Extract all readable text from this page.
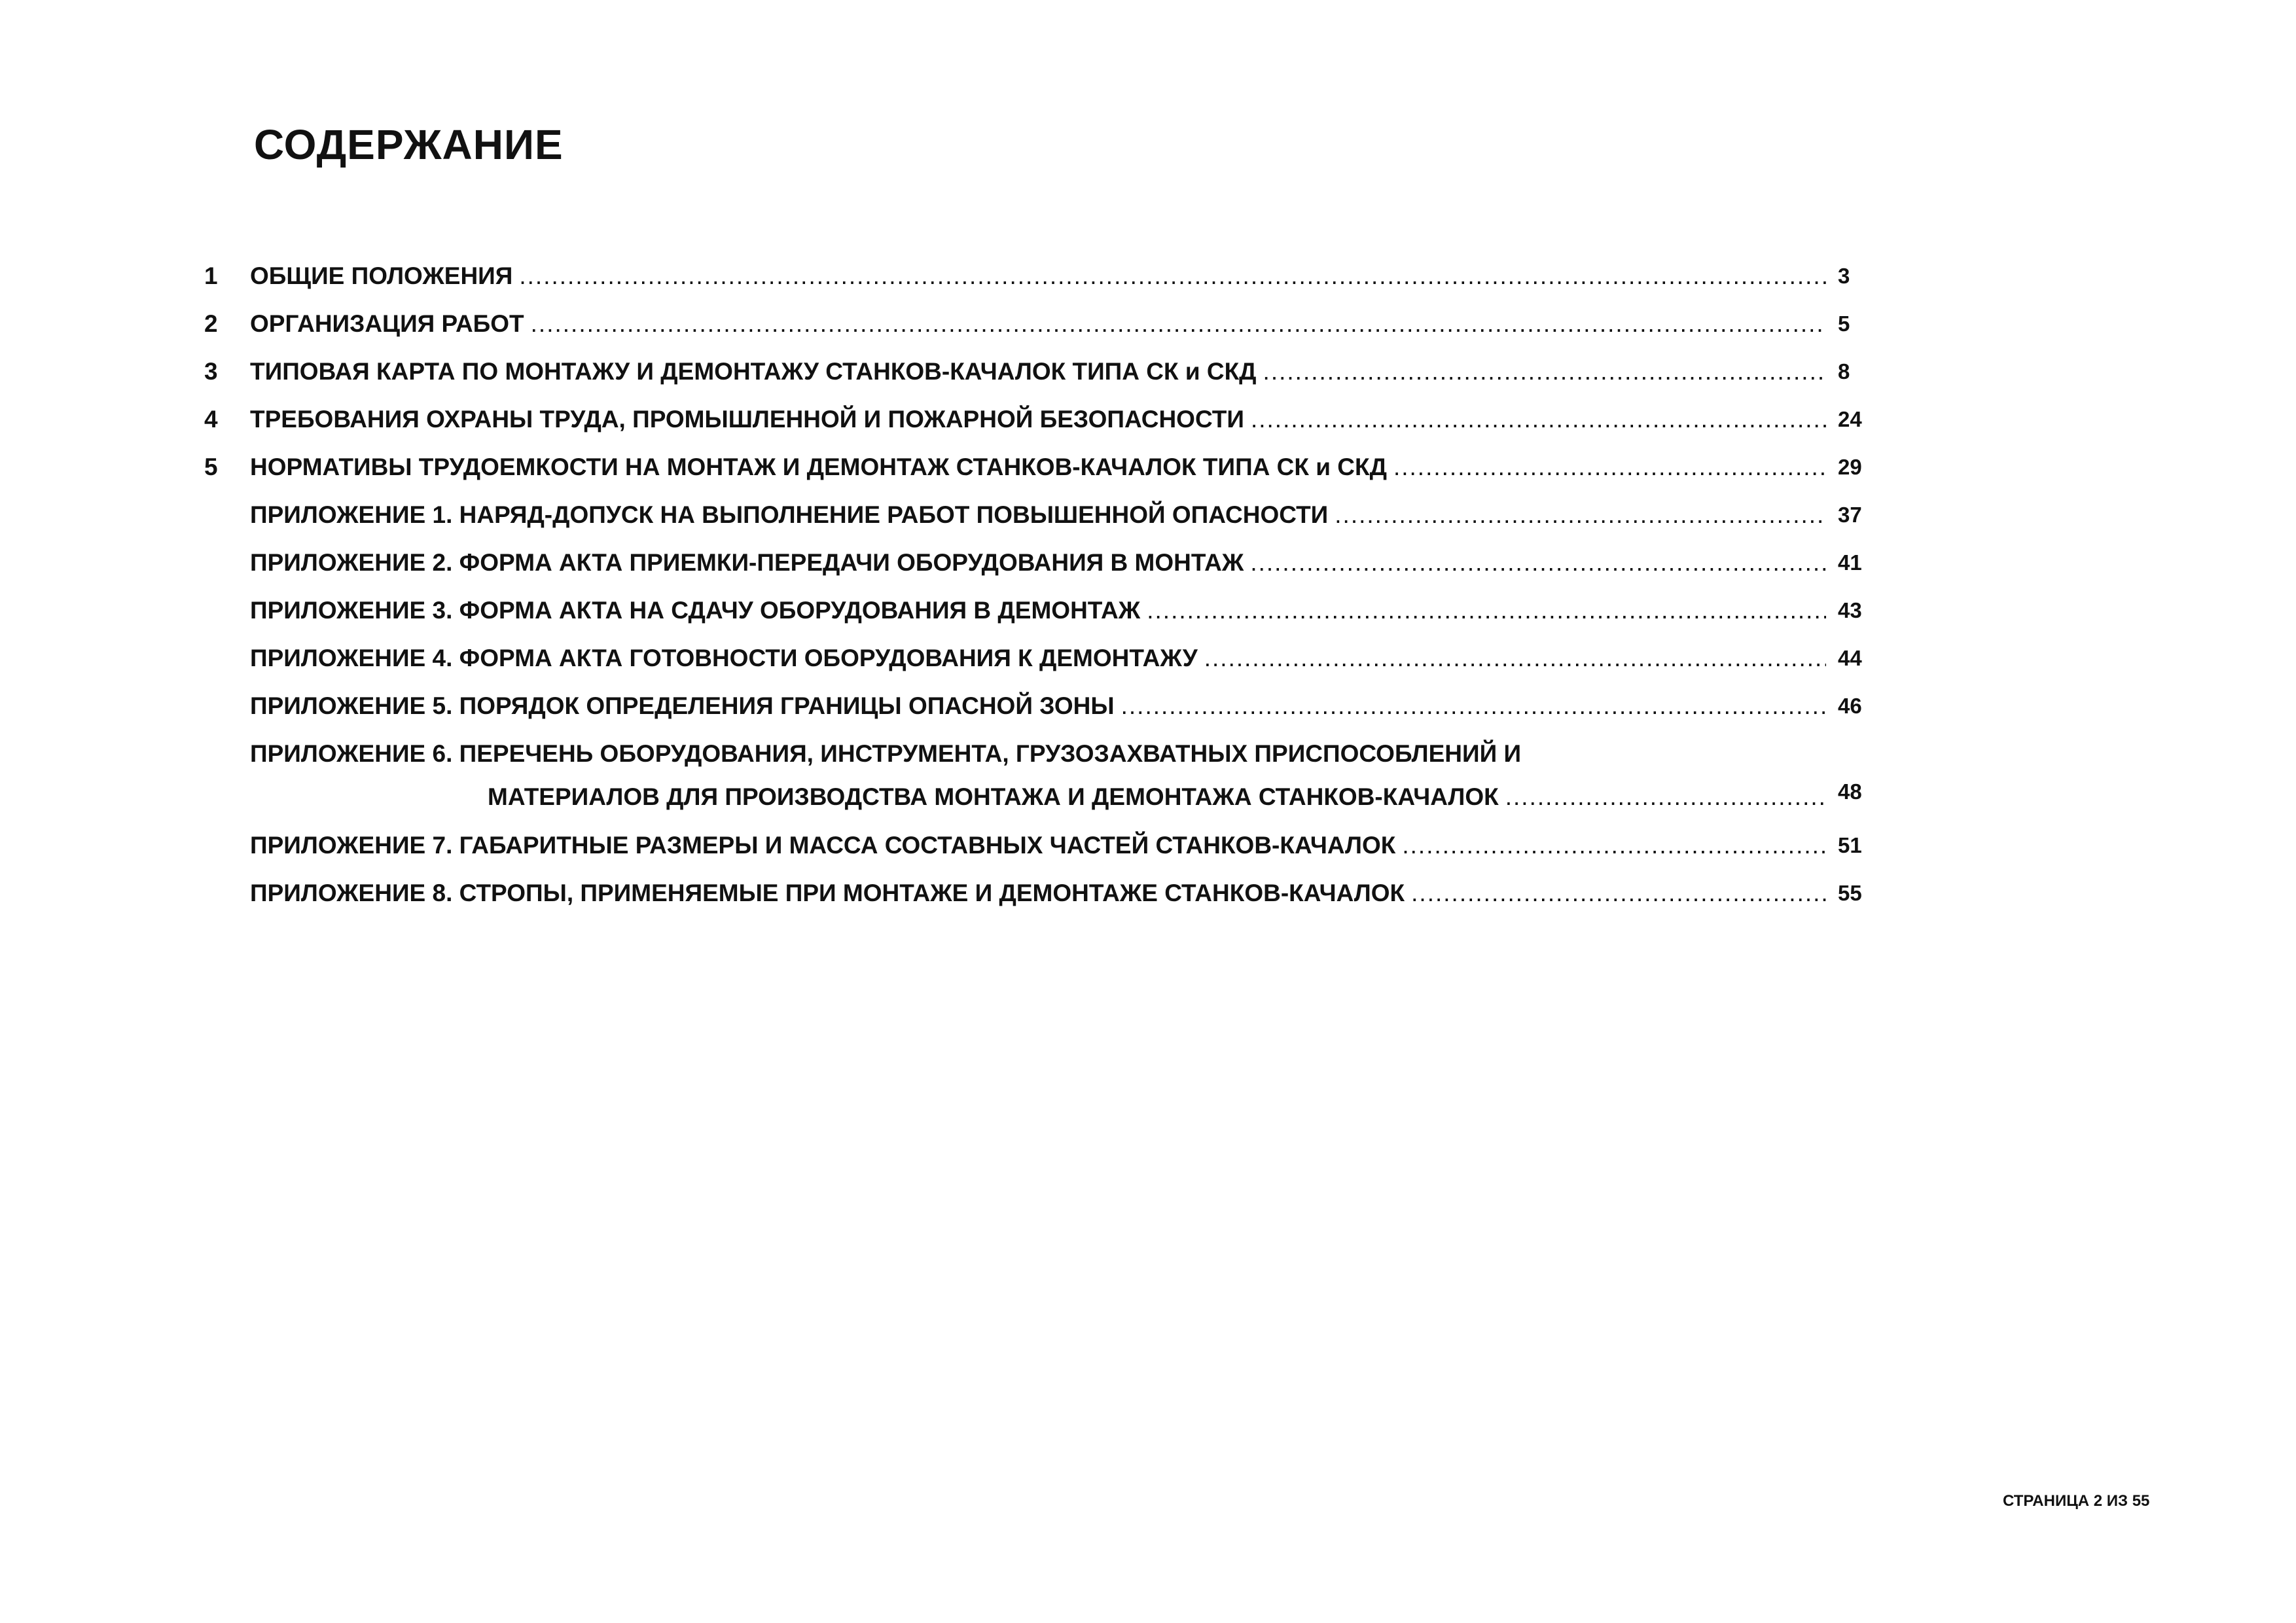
СОДЕРЖАНИЕ
1	ОБЩИЕ ПОЛОЖЕНИЯ .....	3
2	ОРГАНИЗАЦИЯ РАБОТ .....	5
3	ТИПОВАЯ КАРТА ПО МОНТАЖУ И ДЕМОНТАЖУ СТАНКОВ-КАЧАЛОК ТИПА СК и СКД .....	8
4	ТРЕБОВАНИЯ ОХРАНЫ ТРУДА, ПРОМЫШЛЕННОЙ И ПОЖАРНОЙ БЕЗОПАСНОСТИ .....	24
5	НОРМАТИВЫ ТРУДОЕМКОСТИ НА МОНТАЖ И ДЕМОНТАЖ СТАНКОВ-КАЧАЛОК ТИПА СК и СКД .....	29
ПРИЛОЖЕНИЕ 1. НАРЯД-ДОПУСК НА ВЫПОЛНЕНИЕ РАБОТ ПОВЫШЕННОЙ ОПАСНОСТИ .....	37
ПРИЛОЖЕНИЕ 2. ФОРМА АКТА ПРИЕМКИ-ПЕРЕДАЧИ ОБОРУДОВАНИЯ В МОНТАЖ .....	41
ПРИЛОЖЕНИЕ 3. ФОРМА АКТА НА СДАЧУ ОБОРУДОВАНИЯ В ДЕМОНТАЖ .....	43
ПРИЛОЖЕНИЕ 4. ФОРМА АКТА ГОТОВНОСТИ ОБОРУДОВАНИЯ К ДЕМОНТАЖУ .....	44
ПРИЛОЖЕНИЕ 5. ПОРЯДОК ОПРЕДЕЛЕНИЯ ГРАНИЦЫ ОПАСНОЙ ЗОНЫ .....	46
ПРИЛОЖЕНИЕ 6. ПЕРЕЧЕНЬ ОБОРУДОВАНИЯ, ИНСТРУМЕНТА, ГРУЗОЗАХВАТНЫХ ПРИСПОСОБЛЕНИЙ И
МАТЕРИАЛОВ ДЛЯ ПРОИЗВОДСТВА МОНТАЖА И ДЕМОНТАЖА СТАНКОВ-КАЧАЛОК .....	48
ПРИЛОЖЕНИЕ 7. ГАБАРИТНЫЕ РАЗМЕРЫ И МАССА СОСТАВНЫХ ЧАСТЕЙ СТАНКОВ-КАЧАЛОК .....	51
ПРИЛОЖЕНИЕ 8. СТРОПЫ, ПРИМЕНЯЕМЫЕ ПРИ МОНТАЖЕ И ДЕМОНТАЖЕ СТАНКОВ-КАЧАЛОК .....	55
СТРАНИЦА 2 ИЗ 55
